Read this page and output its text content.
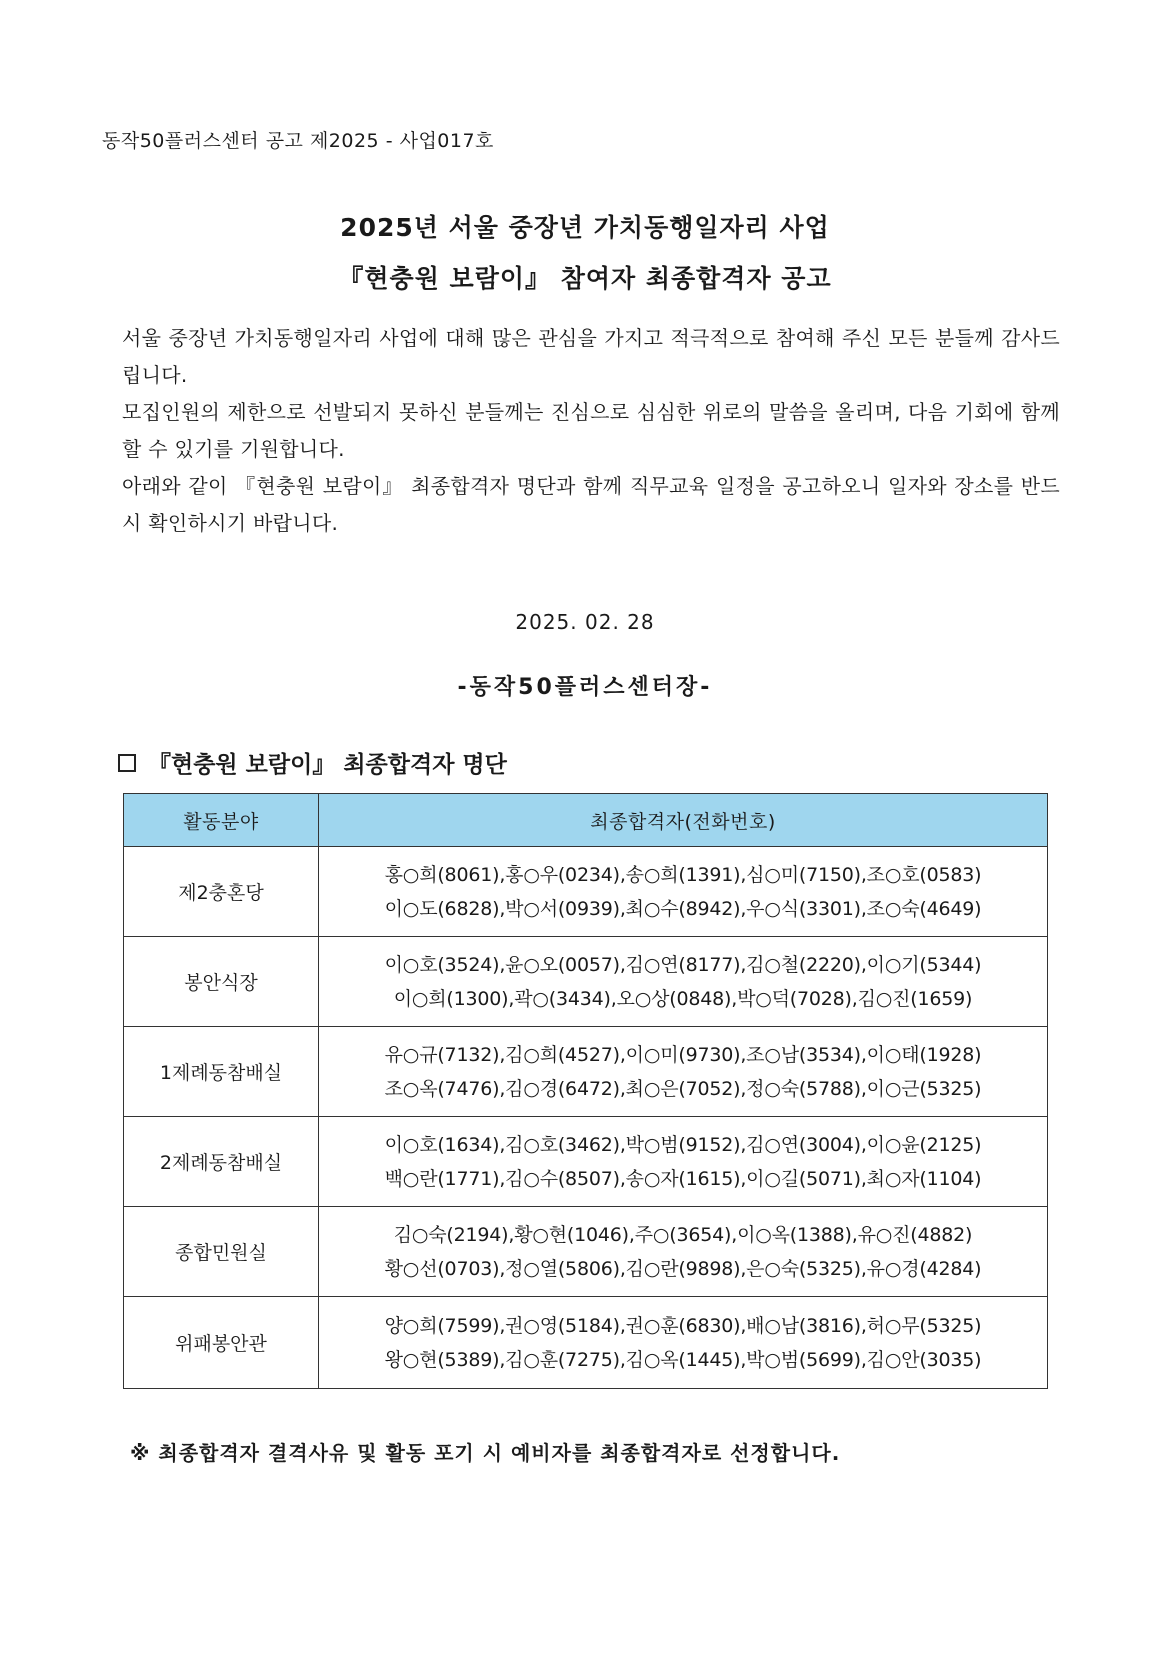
동작50플러스센터 공고 제2025 - 사업017호
2025년 서울 중장년 가치동행일자리 사업
『현충원 보람이』 참여자 최종합격자 공고

서울 중장년 가치동행일자리 사업에 대해 많은 관심을 가지고 적극적으로 참여해 주신 모든 분들께 감사드립니다.

모집인원의 제한으로 선발되지 못하신 분들께는 진심으로 심심한 위로의 말씀을 올리며, 다음 기회에 함께 할 수 있기를 기원합니다.

아래와 같이 『현충원 보람이』 최종합격자 명단과 함께 직무교육 일정을 공고하오니 일자와 장소를 반드시 확인하시기 바랍니다.

2025. 02. 28
-동작50플러스센터장-
『현충원 보람이』 최종합격자 명단
활동분야	최종합격자(전화번호)
제2충혼당	홍○희(8061),홍○우(0234),송○희(1391),심○미(7150),조○호(0583)
이○도(6828),박○서(0939),최○수(8942),우○식(3301),조○숙(4649)

봉안식장	이○호(3524),윤○오(0057),김○연(8177),김○철(2220),이○기(5344)
이○희(1300),곽○(3434),오○상(0848),박○덕(7028),김○진(1659)

1제례동참배실	유○규(7132),김○희(4527),이○미(9730),조○남(3534),이○태(1928)
조○옥(7476),김○경(6472),최○은(7052),정○숙(5788),이○근(5325)

2제례동참배실	이○호(1634),김○호(3462),박○범(9152),김○연(3004),이○윤(2125)
백○란(1771),김○수(8507),송○자(1615),이○길(5071),최○자(1104)

종합민원실	김○숙(2194),황○현(1046),주○(3654),이○옥(1388),유○진(4882)
황○선(0703),정○열(5806),김○란(9898),은○숙(5325),유○경(4284)

위패봉안관	양○희(7599),권○영(5184),권○훈(6830),배○남(3816),허○무(5325)
왕○현(5389),김○훈(7275),김○옥(1445),박○범(5699),김○안(3035)
※ 최종합격자 결격사유 및 활동 포기 시 예비자를 최종합격자로 선정합니다.
